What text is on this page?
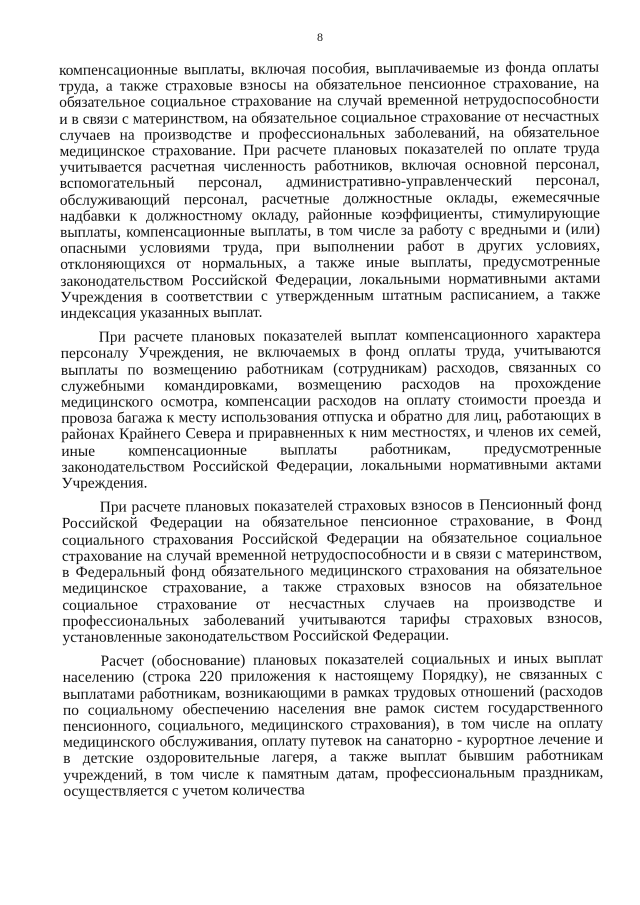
8

компенсационные выплаты, включая пособия, выплачиваемые из фонда оплаты труда, а также страховые взносы на обязательное пенсионное страхование, на обязательное социальное страхование на случай временной нетрудоспособности и в связи с материнством, на обязательное социальное страхование от несчастных случаев на производстве и профессиональных заболеваний, на обязательное медицинское страхование. При расчете плановых показателей по оплате труда учитывается расчетная численность работников, включая основной персонал, вспомогательный персонал, административно-управленческий персонал, обслуживающий персонал, расчетные должностные оклады, ежемесячные надбавки к должностному окладу, районные коэффициенты, стимулирующие выплаты, компенсационные выплаты, в том числе за работу с вредными и (или) опасными условиями труда, при выполнении работ в других условиях, отклоняющихся от нормальных, а также иные выплаты, предусмотренные законодательством Российской Федерации, локальными нормативными актами Учреждения в соответствии с утвержденным штатным расписанием, а также индексация указанных выплат.

При расчете плановых показателей выплат компенсационного характера персоналу Учреждения, не включаемых в фонд оплаты труда, учитываются выплаты по возмещению работникам (сотрудникам) расходов, связанных со служебными командировками, возмещению расходов на прохождение медицинского осмотра, компенсации расходов на оплату стоимости проезда и провоза багажа к месту использования отпуска и обратно для лиц, работающих в районах Крайнего Севера и приравненных к ним местностях, и членов их семей, иные компенсационные выплаты работникам, предусмотренные законодательством Российской Федерации, локальными нормативными актами Учреждения.

При расчете плановых показателей страховых взносов в Пенсионный фонд Российской Федерации на обязательное пенсионное страхование, в Фонд социального страхования Российской Федерации на обязательное социальное страхование на случай временной нетрудоспособности и в связи с материнством, в Федеральный фонд обязательного медицинского страхования на обязательное медицинское страхование, а также страховых взносов на обязательное социальное страхование от несчастных случаев на производстве и профессиональных заболеваний учитываются тарифы страховых взносов, установленные законодательством Российской Федерации.

Расчет (обоснование) плановых показателей социальных и иных выплат населению (строка 220 приложения к настоящему Порядку), не связанных с выплатами работникам, возникающими в рамках трудовых отношений (расходов по социальному обеспечению населения вне рамок систем государственного пенсионного, социального, медицинского страхования), в том числе на оплату медицинского обслуживания, оплату путевок на санаторно - курортное лечение и в детские оздоровительные лагеря, а также выплат бывшим работникам учреждений, в том числе к памятным датам, профессиональным праздникам, осуществляется с учетом количества
